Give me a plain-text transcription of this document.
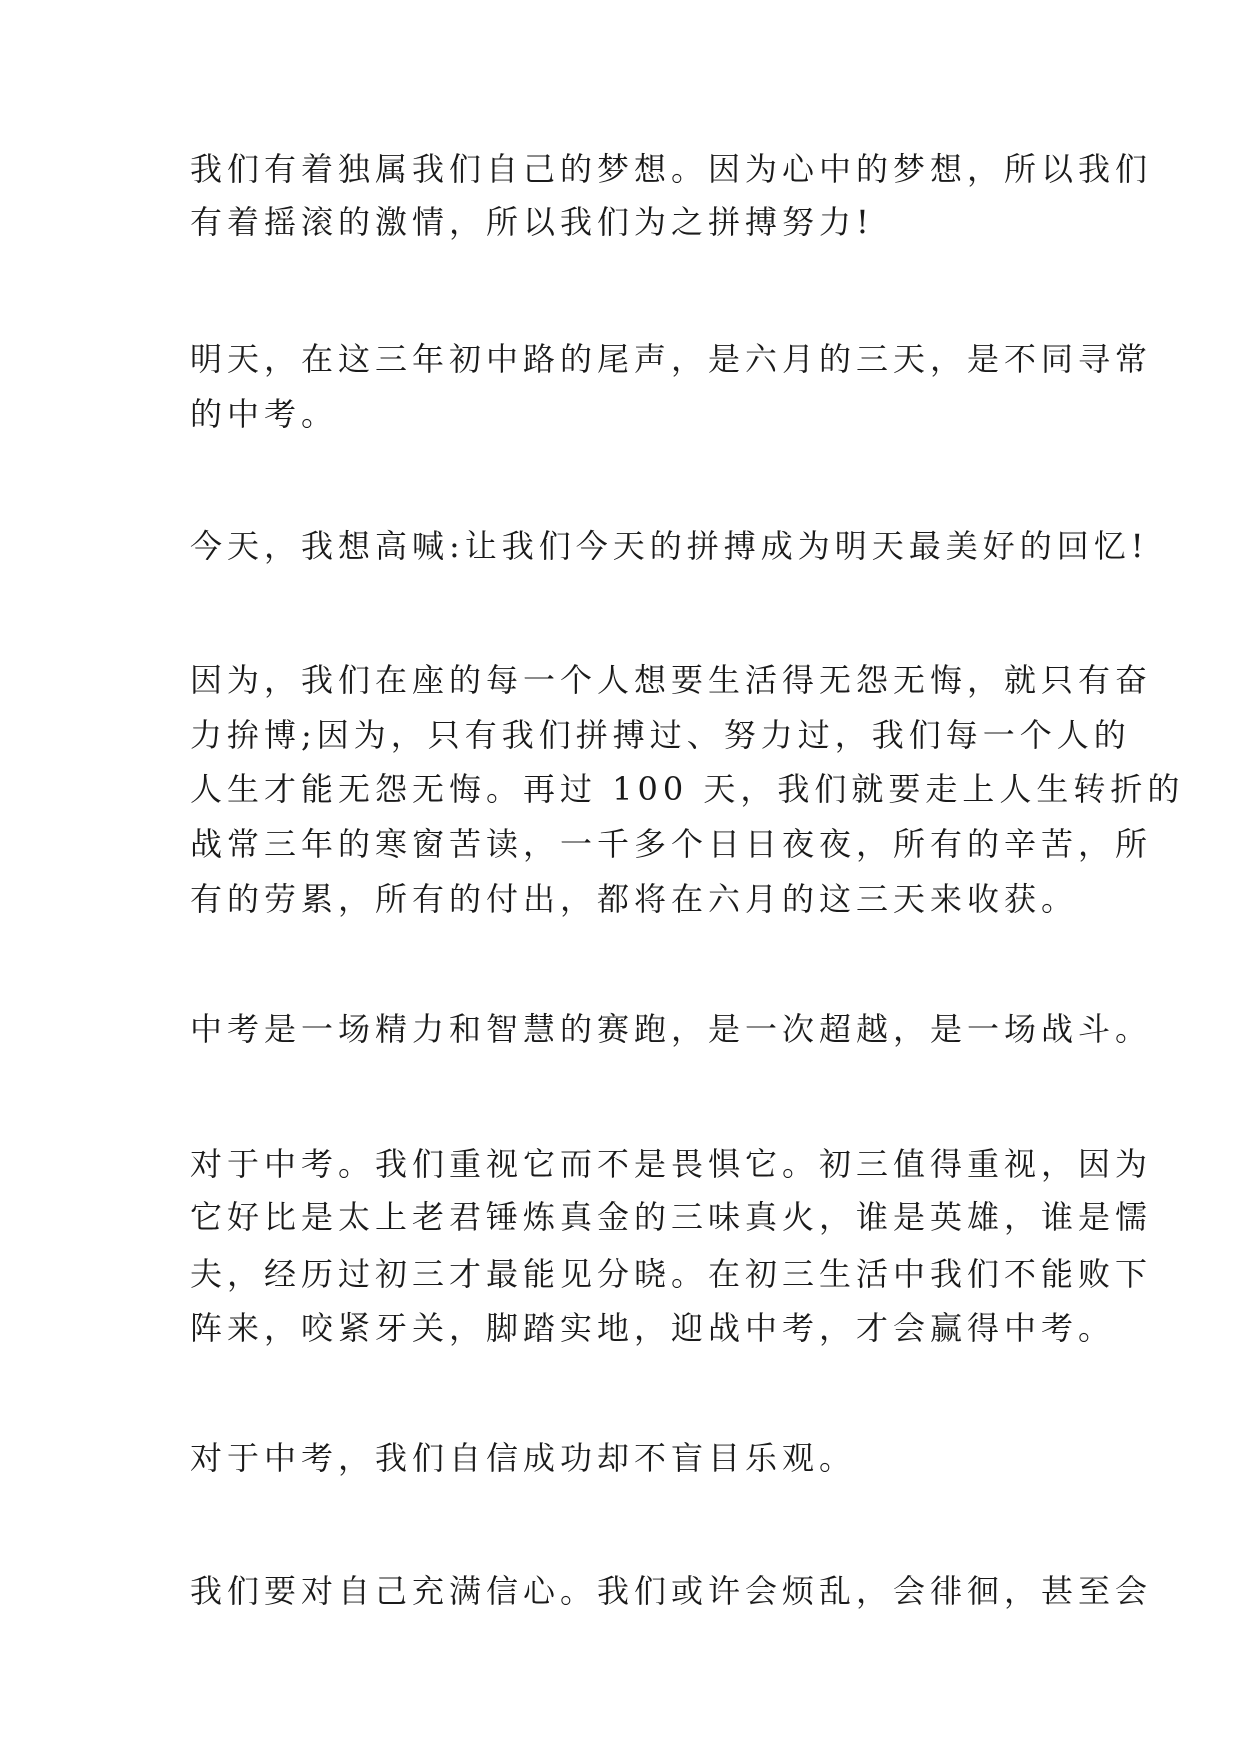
我们有着独属我们自己的梦想。因为心中的梦想，所以我们
有着摇滚的激情，所以我们为之拼搏努力!
明天，在这三年初中路的尾声，是六月的三天，是不同寻常
的中考。
今天，我想高喊:让我们今天的拼搏成为明天最美好的回忆!
因为，我们在座的每一个人想要生活得无怨无悔，就只有奋
力拚博;因为，只有我们拼搏过、努力过，我们每一个人的
人生才能无怨无悔。再过 100 天，我们就要走上人生转折的
战常三年的寒窗苦读，一千多个日日夜夜，所有的辛苦，所
有的劳累，所有的付出，都将在六月的这三天来收获。
中考是一场精力和智慧的赛跑，是一次超越，是一场战斗。
对于中考。我们重视它而不是畏惧它。初三值得重视，因为
它好比是太上老君锤炼真金的三味真火，谁是英雄，谁是懦
夫，经历过初三才最能见分晓。在初三生活中我们不能败下
阵来，咬紧牙关，脚踏实地，迎战中考，才会赢得中考。
对于中考，我们自信成功却不盲目乐观。
我们要对自己充满信心。我们或许会烦乱，会徘徊，甚至会
